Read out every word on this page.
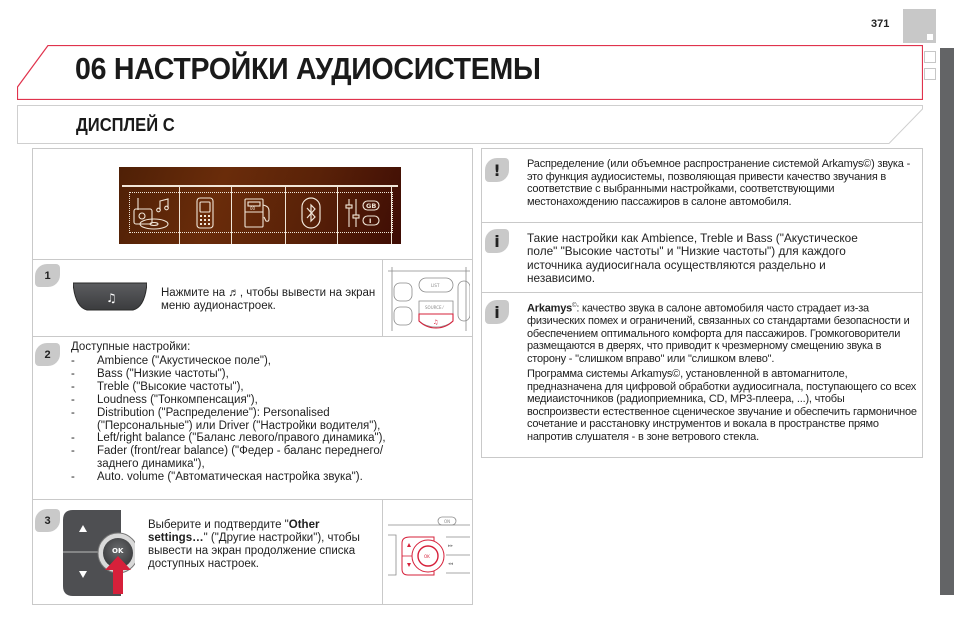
371
06 НАСТРОЙКИ АУДИОСИСТЕМЫ
ДИСПЛЕЙ C
00	GB
I
1
♫	Нажмите на ♬, чтобы вывести на экран меню аудионастроек.
LIST
SOURCE ⁄
♫
2
Доступные настройки:
- Ambience ("Акустическое поле"),
- Bass ("Низкие частоты"),
- Treble ("Высокие частоты"),
- Loudness ("Тонкомпенсация"),
- Distribution ("Распределение"): Personalised ("Персональные") или Driver ("Настройки водителя"),
- Left/right balance ("Баланс левого/правого динамика"),
- Fader (front/rear balance) ("Федер - баланс переднего/ заднего динамика"),
- Auto. volume ("Автоматическая настройка звука").
3
OK
Выберите и подтвердите "Other settings…" ("Другие настройки"), чтобы вывести на экран продолжение списка доступных настроек.
ON
▸▸
◂◂
OK
!	Распределение (или объемное распространение системой Arkamys©) звука - это функция аудиосистемы, позволяющая привести качество звучания в соответствие с выбранными настройками, соответствующими местонахождению пассажиров в салоне автомобиля.
i	Такие настройки как Ambience, Treble и Bass ("Акустическое поле" "Высокие частоты" и "Низкие частоты") для каждого источника аудиосигнала осуществляются раздельно и независимо.
i	Arkamys©: качество звука в салоне автомобиля часто страдает из-за физических помех и ограничений, связанных со стандартами безопасности и обеспечением оптимального комфорта для пассажиров. Громкоговорители размещаются в дверях, что приводит к чрезмерному смещению звука в сторону - "слишком вправо" или "слишком влево".
Программа системы Arkamys©, установленной в автомагнитоле, предназначена для цифровой обработки аудиосигнала, поступающего со всех медиаисточников (радиоприемника, CD, MP3-плеера, ...), чтобы воспроизвести естественное сценическое звучание и обеспечить гармоничное сочетание и расстановку инструментов и вокала в пространстве прямо напротив слушателя - в зоне ветрового стекла.
